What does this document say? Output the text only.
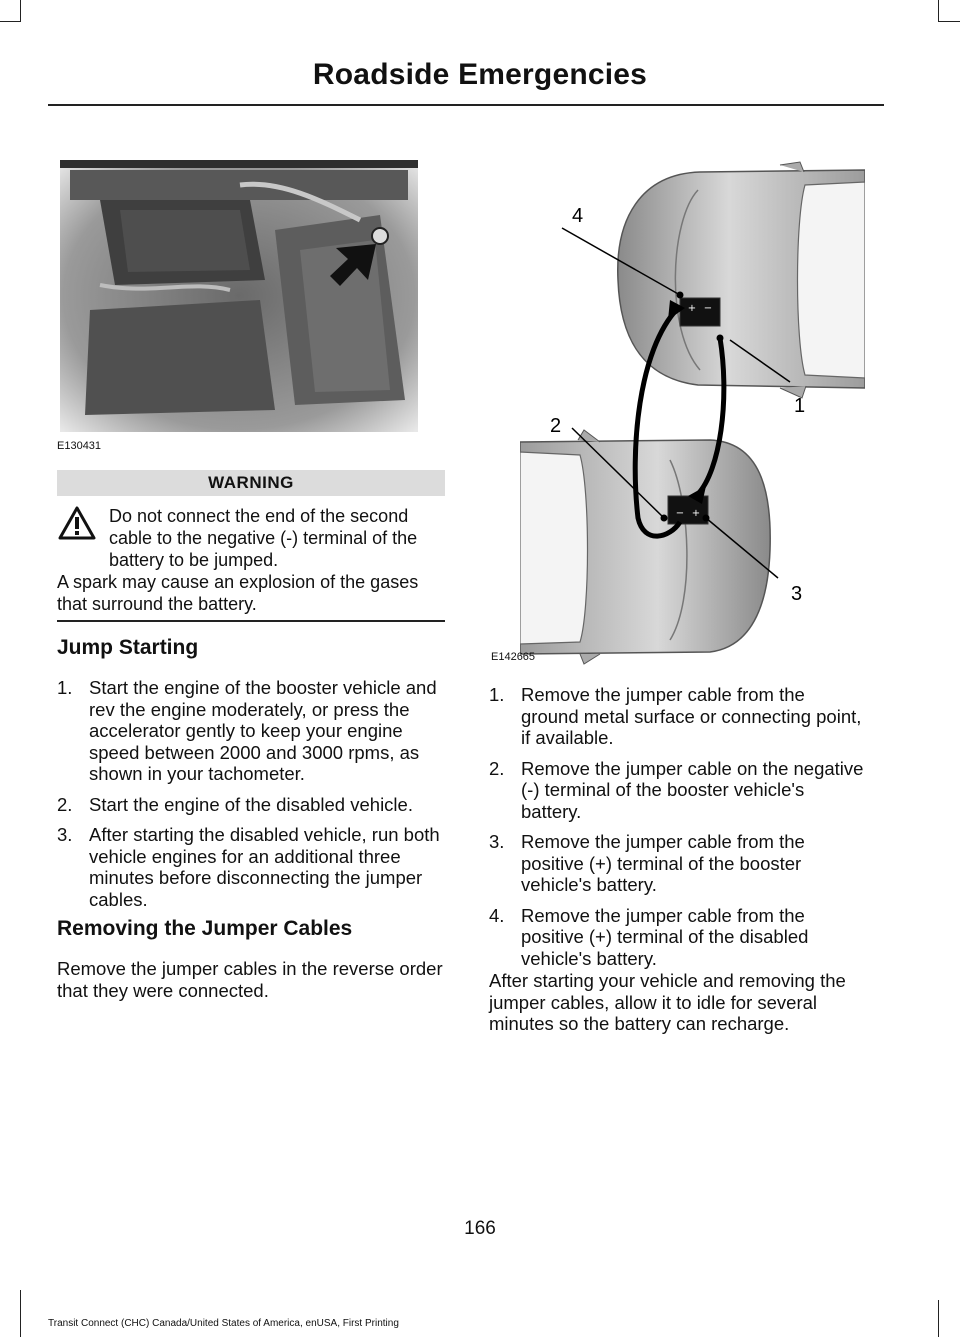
Roadside Emergencies
E130431
WARNING
Do not connect the end of the second cable to the negative (-) terminal of the battery to be jumped.
A spark may cause an explosion of the gases that surround the battery.
Jump Starting
1. Start the engine of the booster vehicle and rev the engine moderately, or press the accelerator gently to keep your engine speed between 2000 and 3000 rpms, as shown in your tachometer.
2. Start the engine of the disabled vehicle.
3. After starting the disabled vehicle, run both vehicle engines for an additional three minutes before disconnecting the jumper cables.
Removing the Jumper Cables
Remove the jumper cables in the reverse order that they were connected.
+ −
− +
4
1
2
3
E142665
1. Remove the jumper cable from the ground metal surface or connecting point, if available.
2. Remove the jumper cable on the negative (-) terminal of the booster vehicle's battery.
3. Remove the jumper cable from the positive (+) terminal of the booster vehicle's battery.
4. Remove the jumper cable from the positive (+) terminal of the disabled vehicle's battery.
After starting your vehicle and removing the jumper cables, allow it to idle for several minutes so the battery can recharge.
166
Transit Connect (CHC) Canada/United States of America, enUSA, First Printing
